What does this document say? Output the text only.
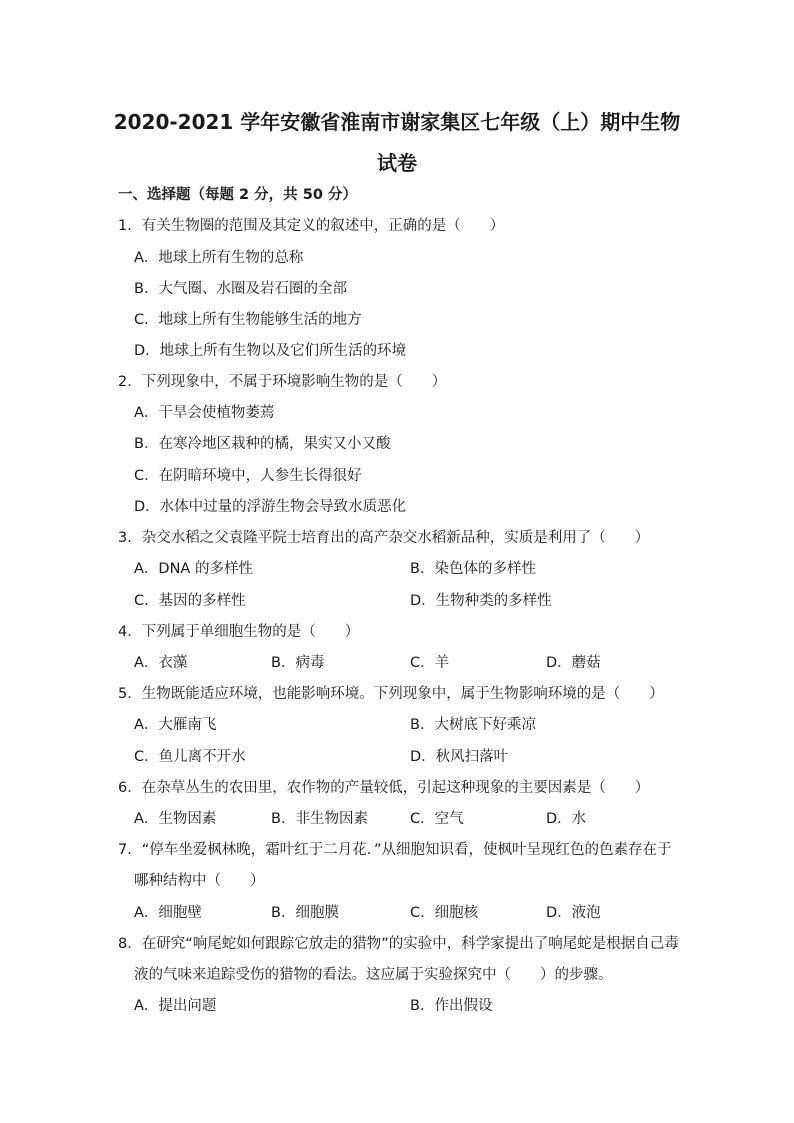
2020-2021 学年安徽省淮南市谢家集区七年级（上）期中生物
试卷
一、选择题（每题 2 分，共 50 分）
1．有关生物圈的范围及其定义的叙述中，正确的是（　　）
A．地球上所有生物的总称
B．大气圈、水圈及岩石圈的全部
C．地球上所有生物能够生活的地方
D．地球上所有生物以及它们所生活的环境
2．下列现象中，不属于环境影响生物的是（　　）
A．干旱会使植物萎蔫
B．在寒冷地区栽种的橘，果实又小又酸
C．在阴暗环境中，人参生长得很好
D．水体中过量的浮游生物会导致水质恶化
3．杂交水稻之父袁隆平院士培育出的高产杂交水稻新品种，实质是利用了（　　）
A．DNA 的多样性	B．染色体的多样性
C．基因的多样性	D．生物种类的多样性
4．下列属于单细胞生物的是（　　）
A．衣藻	B．病毒	C．羊	D．蘑菇
5．生物既能适应环境，也能影响环境。下列现象中，属于生物影响环境的是（　　）
A．大雁南飞	B．大树底下好乘凉
C．鱼儿离不开水	D．秋风扫落叶
6．在杂草丛生的农田里，农作物的产量较低，引起这种现象的主要因素是（　　）
A．生物因素	B．非生物因素	C．空气	D．水
7．“停车坐爱枫林晚，霜叶红于二月花．”从细胞知识看，使枫叶呈现红色的色素存在于
哪种结构中（　　）
A．细胞壁	B．细胞膜	C．细胞核	D．液泡
8．在研究“响尾蛇如何跟踪它放走的猎物”的实验中，科学家提出了响尾蛇是根据自己毒
液的气味来追踪受伤的猎物的看法。这应属于实验探究中（　　）的步骤。
A．提出问题	B．作出假设
